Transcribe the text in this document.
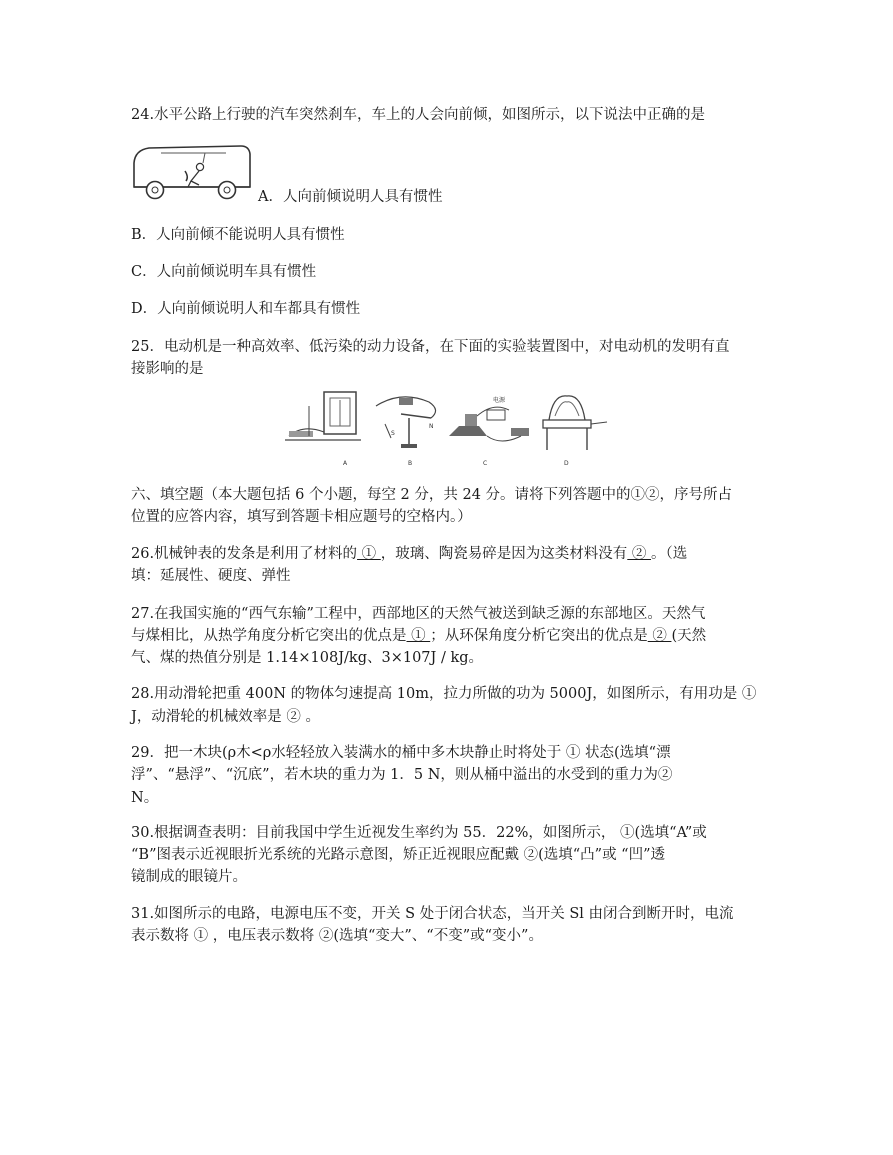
24.水平公路上行驶的汽车突然刹车，车上的人会向前倾，如图所示，以下说法中正确的是
A．人向前倾说明人具有惯性
B．人向前倾不能说明人具有惯性
C．人向前倾说明车具有惯性
D．人向前倾说明人和车都具有惯性
25．电动机是一种高效率、低污染的动力设备，在下面的实验装置图中，对电动机的发明有直
接影响的是
A
S
N
B
电源
C	D
六、填空题（本大题包括 6 个小题，每空 2 分，共 24 分。请将下列答题中的①②，序号所占
位置的应答内容，填写到答题卡相应题号的空格内。）
26.机械钟表的发条是利用了材料的 ① ，玻璃、陶瓷易碎是因为这类材料没有 ② 。（选
填：延展性、硬度、弹性
27.在我国实施的“西气东输”工程中，西部地区的天然气被送到缺乏源的东部地区。天然气
与煤相比，从热学角度分析它突出的优点是 ① ；从环保角度分析它突出的优点是 ② (天然
气、煤的热值分别是 1.14×108J/kg、3×107J / kg。
28.用动滑轮把重 400N 的物体匀速提高 10m，拉力所做的功为 5000J，如图所示，有用功是 ①
J，动滑轮的机械效率是 ② 。
29．把一木块(ρ木<ρ水轻轻放入装满水的桶中多木块静止时将处于 ① 状态(选填“漂
浮”、“悬浮”、“沉底”，若木块的重力为 1．5 N，则从桶中溢出的水受到的重力为②
N。
30.根据调查表明：目前我国中学生近视发生率约为 55．22%，如图所示， ①(选填“A”或
“B”图表示近视眼折光系统的光路示意图，矫正近视眼应配戴 ②(选填“凸”或 “凹”透
镜制成的眼镜片。
31.如图所示的电路，电源电压不变，开关 S 处于闭合状态，当开关 Sl 由闭合到断开时，电流
表示数将 ① ，电压表示数将 ②(选填“变大”、“不变”或“变小”。
